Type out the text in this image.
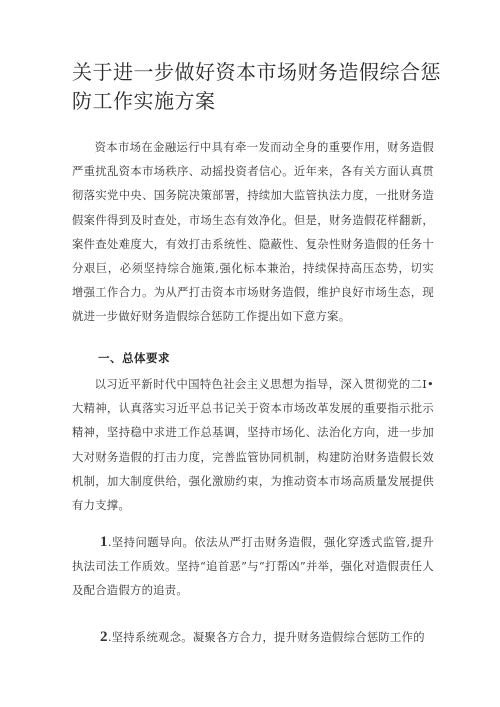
关于进一步做好资本市场财务造假综合惩防工作实施方案
资本市场在金融运行中具有牵一发而动全身的重要作用，财务造假严重扰乱资本市场秩序、动摇投资者信心。近年来，各有关方面认真贯彻落实党中央、国务院决策部署，持续加大监管执法力度，一批财务造假案件得到及时查处，市场生态有效净化。但是，财务造假花样翻新，案件查处难度大，有效打击系统性、隐蔽性、复杂性财务造假的任务十分艰巨，必须坚持综合施策,强化标本兼治，持续保持高压态势，切实增强工作合力。为从严打击资本市场财务造假，维护良好市场生态，现就进一步做好财务造假综合惩防工作提出如下意方案。
一、总体要求
以习近平新时代中国特色社会主义思想为指导，深入贯彻党的二I•大精神，认真落实习近平总书记关于资本市场改革发展的重要指示批示精神，坚持稳中求进工作总基调，坚持市场化、法治化方向，进一步加大对财务造假的打击力度，完善监管协同机制，构建防治财务造假长效机制，加大制度供给，强化激励约束，为推动资本市场高质量发展提供有力支撑。
1.坚持问题导向。依法从严打击财务造假，强化穿透式监管,提升执法司法工作质效。坚持“追首恶”与“打帮凶”并举，强化对造假责任人及配合造假方的追责。
2.坚持系统观念。凝聚各方合力，提升财务造假综合惩防工作的
